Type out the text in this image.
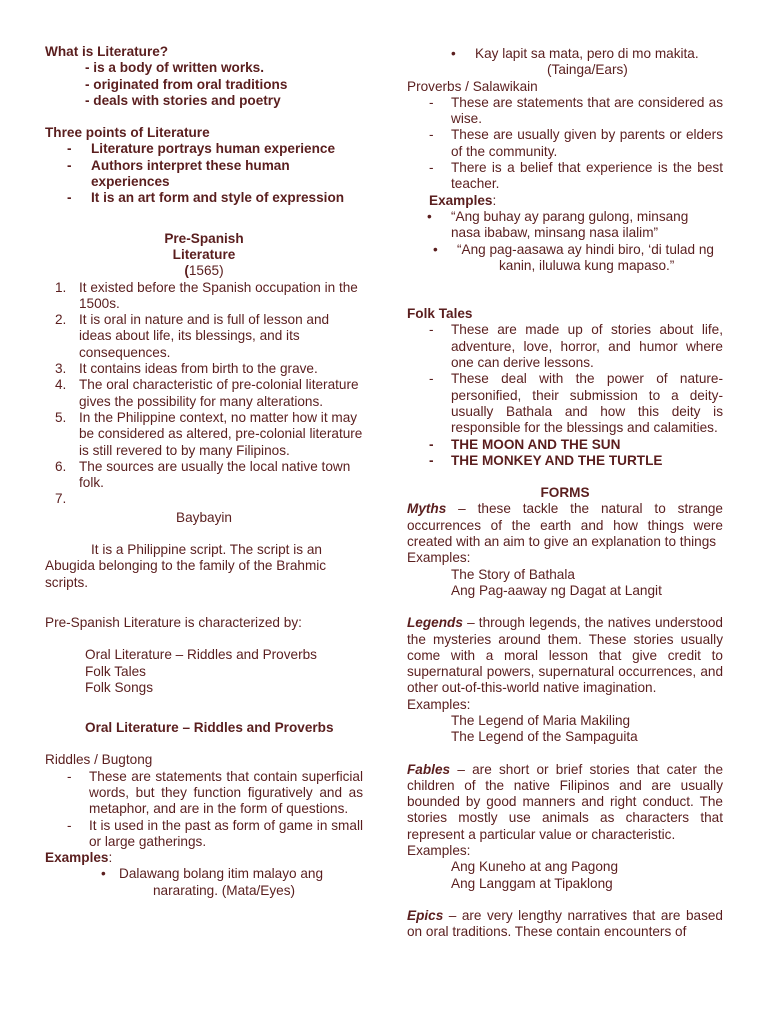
What is Literature?
- is a body of written works.
- originated from oral traditions
- deals with stories and poetry
Three points of Literature
-	Literature portrays human experience
-	Authors interpret these human experiences
-	It is an art form and style of expression
Pre-Spanish
Literature
(1565)
1. It existed before the Spanish occupation in the 1500s.
2. It is oral in nature and is full of lesson and ideas about life, its blessings, and its consequences.
3. It contains ideas from birth to the grave.
4. The oral characteristic of pre-colonial literature gives the possibility for many alterations.
5. In the Philippine context, no matter how it may be considered as altered, pre-colonial literature is still revered to by many Filipinos.
6. The sources are usually the local native town folk.
7.
Baybayin
It is a Philippine script. The script is an Abugida belonging to the family of the Brahmic scripts.
Pre-Spanish Literature is characterized by:
Oral Literature – Riddles and Proverbs
Folk Tales
Folk Songs
Oral Literature – Riddles and Proverbs
Riddles / Bugtong
-	These are statements that contain superficial words, but they function figuratively and as metaphor, and are in the form of questions.
-	It is used in the past as form of game in small or large gatherings.
Examples:
• Dalawang bolang itim malayo ang
nararating. (Mata/Eyes)
•	Kay lapit sa mata, pero di mo makita.
(Tainga/Ears)
Proverbs / Salawikain
-	These are statements that are considered as wise.
-	These are usually given by parents or elders of the community.
-	There is a belief that experience is the best teacher.
Examples:
•	“Ang buhay ay parang gulong, minsang
nasa ibabaw, minsang nasa ilalim”
•	“Ang pag-aasawa ay hindi biro, ‘di tulad ng
kanin, iluluwa kung mapaso.”
Folk Tales
-	These are made up of stories about life, adventure, love, horror, and humor where one can derive lessons.
-	These deal with the power of nature-personified, their submission to a deity- usually Bathala and how this deity is responsible for the blessings and calamities.
-	THE MOON AND THE SUN
-	THE MONKEY AND THE TURTLE
FORMS
Myths – these tackle the natural to strange occurrences of the earth and how things were created with an aim to give an explanation to things
Examples:
The Story of Bathala
Ang Pag-aaway ng Dagat at Langit
Legends – through legends, the natives understood the mysteries around them. These stories usually come with a moral lesson that give credit to supernatural powers, supernatural occurrences, and other out-of-this-world native imagination.
Examples:
The Legend of Maria Makiling
The Legend of the Sampaguita
Fables – are short or brief stories that cater the children of the native Filipinos and are usually bounded by good manners and right conduct. The stories mostly use animals as characters that represent a particular value or characteristic.
Examples:
Ang Kuneho at ang Pagong
Ang Langgam at Tipaklong
Epics – are very lengthy narratives that are based on oral traditions. These contain encounters of
